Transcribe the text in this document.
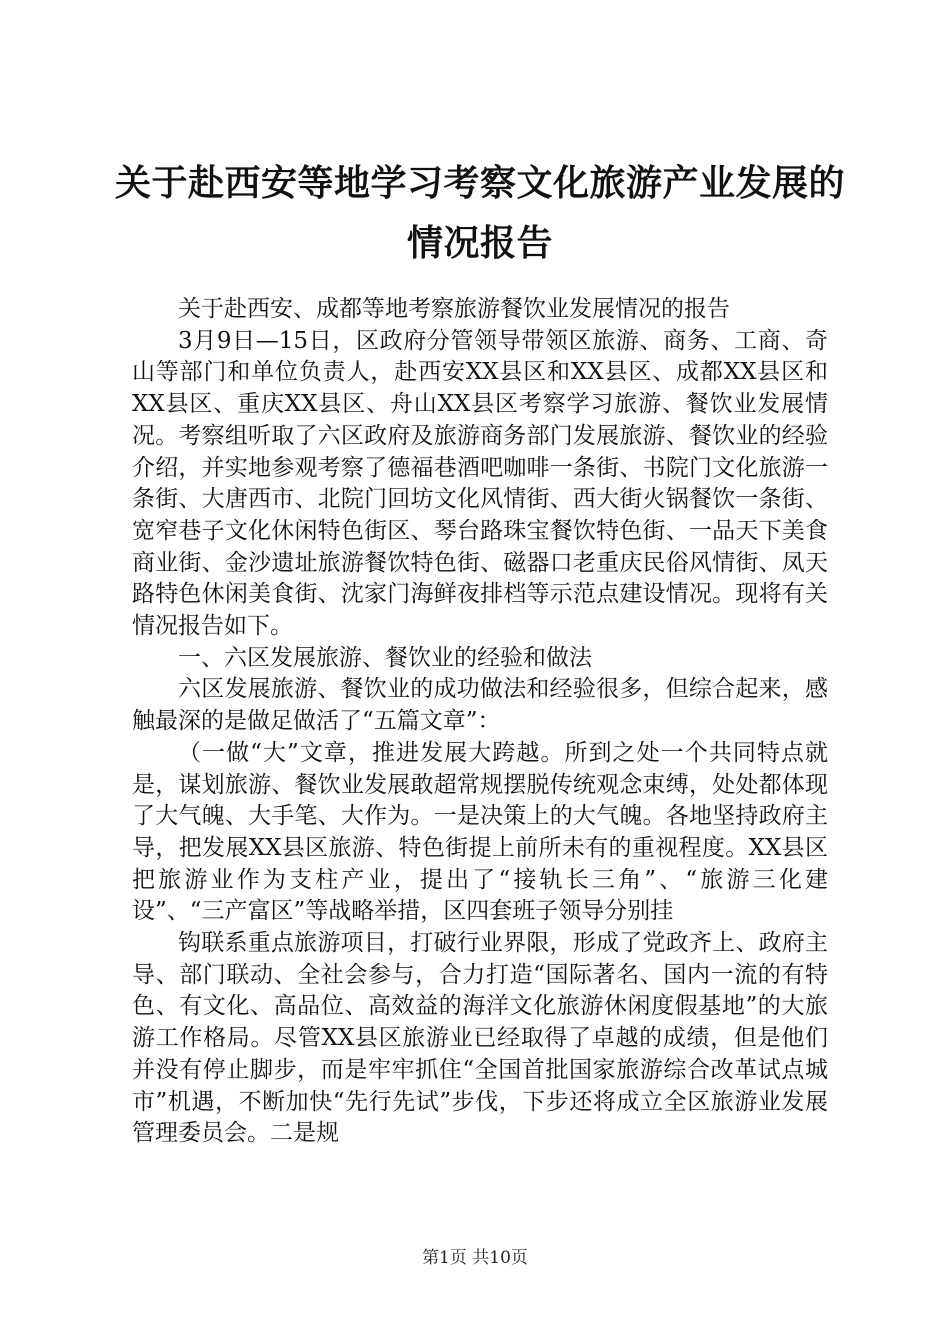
关于赴西安等地学习考察文化旅游产业发展的
情况报告

关于赴西安、成都等地考察旅游餐饮业发展情况的报告

3月9日—15日，区政府分管领导带领区旅游、商务、工商、奇山等部门和单位负责人，赴西安XX县区和XX县区、成都XX县区和XX县区、重庆XX县区、舟山XX县区考察学习旅游、餐饮业发展情况。考察组听取了六区政府及旅游商务部门发展旅游、餐饮业的经验介绍，并实地参观考察了德福巷酒吧咖啡一条街、书院门文化旅游一条街、大唐西市、北院门回坊文化风情街、西大街火锅餐饮一条街、宽窄巷子文化休闲特色街区、琴台路珠宝餐饮特色街、一品天下美食商业街、金沙遗址旅游餐饮特色街、磁器口老重庆民俗风情街、凤天路特色休闲美食街、沈家门海鲜夜排档等示范点建设情况。现将有关情况报告如下。

一、六区发展旅游、餐饮业的经验和做法

六区发展旅游、餐饮业的成功做法和经验很多，但综合起来，感触最深的是做足做活了“五篇文章”：

（一做“大”文章，推进发展大跨越。所到之处一个共同特点就是，谋划旅游、餐饮业发展敢超常规摆脱传统观念束缚，处处都体现了大气魄、大手笔、大作为。一是决策上的大气魄。各地坚持政府主导，把发展XX县区旅游、特色街提上前所未有的重视程度。XX县区把旅游业作为支柱产业，提出了“接轨长三角”、“旅游三化建设”、“三产富区”等战略举措，区四套班子领导分别挂

钩联系重点旅游项目，打破行业界限，形成了党政齐上、政府主导、部门联动、全社会参与，合力打造“国际著名、国内一流的有特色、有文化、高品位、高效益的海洋文化旅游休闲度假基地”的大旅游工作格局。尽管XX县区旅游业已经取得了卓越的成绩，但是他们并没有停止脚步，而是牢牢抓住“全国首批国家旅游综合改革试点城市”机遇，不断加快“先行先试”步伐，下步还将成立全区旅游业发展管理委员会。二是规

第1页 共10页
